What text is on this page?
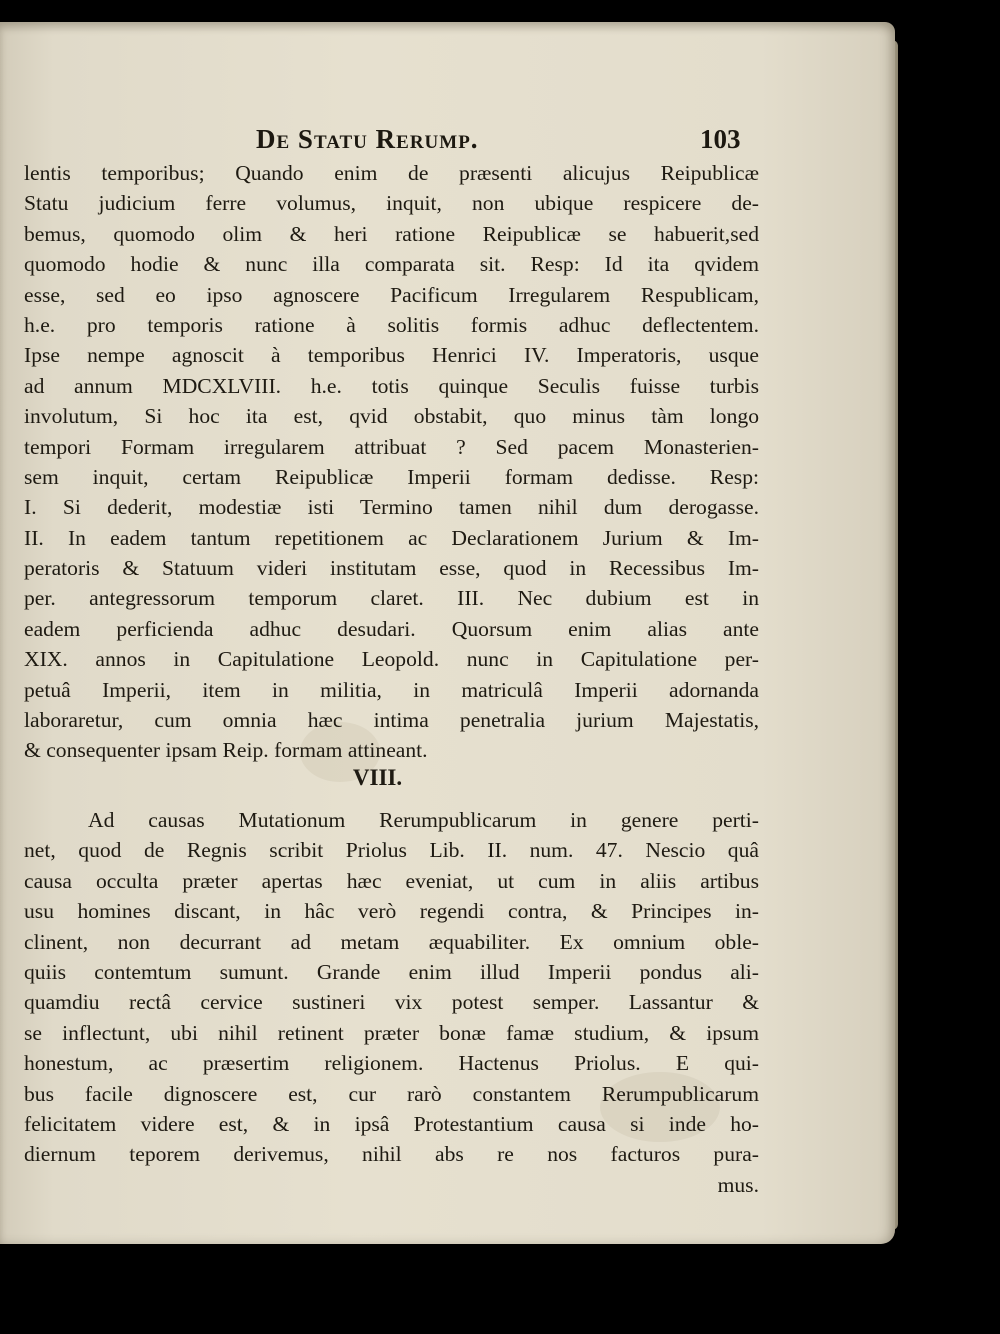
De Statu Rerump.	103
lentis temporibus; Quando enim de præsenti alicujus Reipublicæ
Statu judicium ferre volumus, inquit, non ubique respicere de-
bemus, quomodo olim & heri ratione Reipublicæ se habuerit,sed
quomodo hodie & nunc illa comparata sit. Resp: Id ita qvidem
esse, sed eo ipso agnoscere Pacificum Irregularem Respublicam,
h.e. pro temporis ratione à solitis formis adhuc deflectentem.
Ipse nempe agnoscit à temporibus Henrici IV. Imperatoris, usque
ad annum MDCXLVIII. h.e. totis quinque Seculis fuisse turbis
involutum, Si hoc ita est, qvid obstabit, quo minus tàm longo
tempori Formam irregularem attribuat ? Sed pacem Monasterien-
sem inquit, certam Reipublicæ Imperii formam dedisse. Resp:
I. Si dederit, modestiæ isti Termino tamen nihil dum derogasse.
II. In eadem tantum repetitionem ac Declarationem Jurium & Im-
peratoris & Statuum videri institutam esse, quod in Recessibus Im-
per. antegressorum temporum claret. III. Nec dubium est in
eadem perficienda adhuc desudari. Quorsum enim alias ante
XIX. annos in Capitulatione Leopold. nunc in Capitulatione per-
petuâ Imperii, item in militia, in matriculâ Imperii adornanda
laboraretur, cum omnia hæc intima penetralia jurium Majestatis,
& consequenter ipsam Reip. formam attineant.
VIII.
Ad causas Mutationum Rerumpublicarum in genere perti-
net, quod de Regnis scribit Priolus Lib. II. num. 47. Nescio quâ
causa occulta præter apertas hæc eveniat, ut cum in aliis artibus
usu homines discant, in hâc verò regendi contra, & Principes in-
clinent, non decurrant ad metam æquabiliter. Ex omnium oble-
quiis contemtum sumunt. Grande enim illud Imperii pondus ali-
quamdiu rectâ cervice sustineri vix potest semper. Lassantur &
se inflectunt, ubi nihil retinent præter bonæ famæ studium, & ipsum
honestum, ac præsertim religionem. Hactenus Priolus. E qui-
bus facile dignoscere est, cur rarò constantem Rerumpublicarum
felicitatem videre est, & in ipsâ Protestantium causa si inde ho-
diernum teporem derivemus, nihil abs re nos facturos pura-
mus.
